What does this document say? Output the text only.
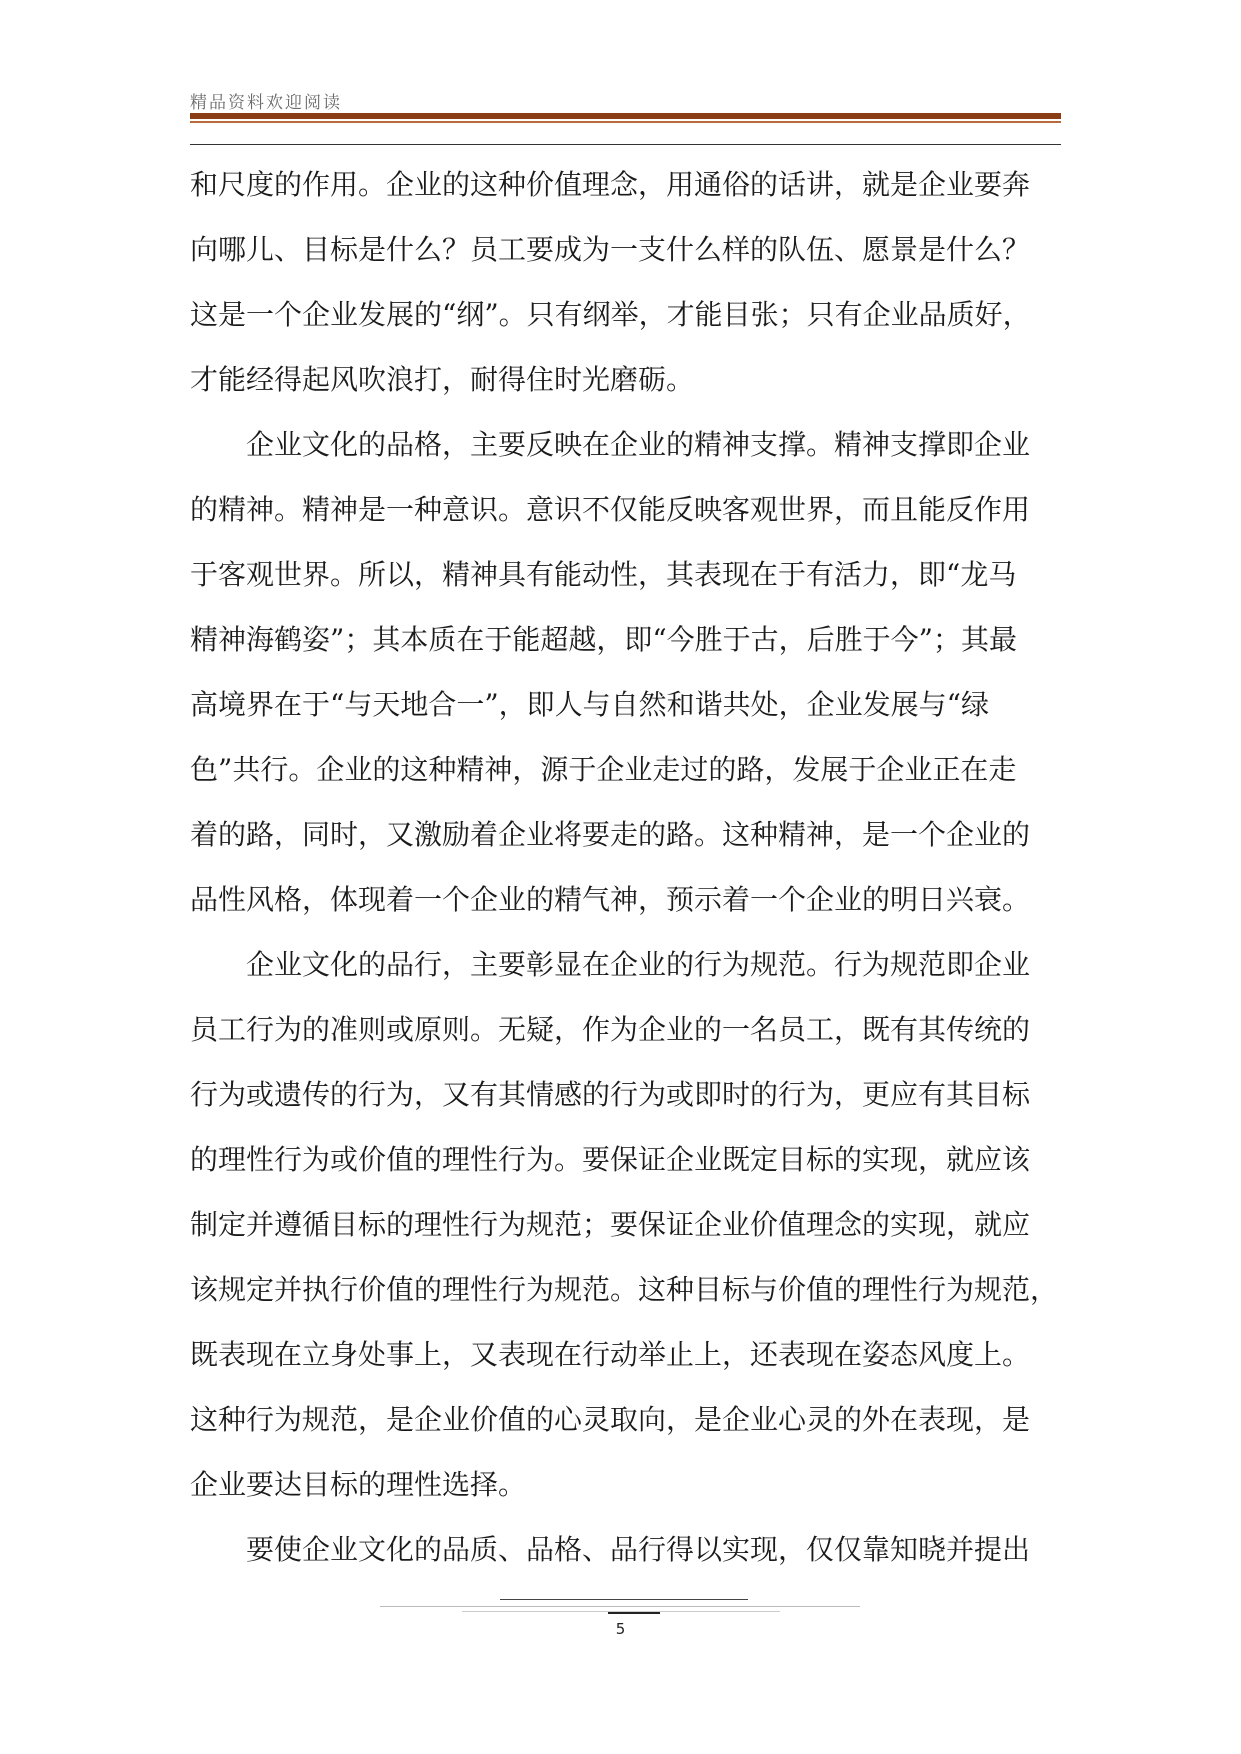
精品资料欢迎阅读
和尺度的作用。企业的这种价值理念，用通俗的话讲，就是企业要奔
向哪儿、目标是什么？员工要成为一支什么样的队伍、愿景是什么？
这是一个企业发展的“纲”。只有纲举，才能目张；只有企业品质好，
才能经得起风吹浪打，耐得住时光磨砺。
企业文化的品格，主要反映在企业的精神支撑。精神支撑即企业
的精神。精神是一种意识。意识不仅能反映客观世界，而且能反作用
于客观世界。所以，精神具有能动性，其表现在于有活力，即“龙马
精神海鹤姿”；其本质在于能超越，即“今胜于古，后胜于今”；其最
高境界在于“与天地合一”，即人与自然和谐共处，企业发展与“绿
色”共行。企业的这种精神，源于企业走过的路，发展于企业正在走
着的路，同时，又激励着企业将要走的路。这种精神，是一个企业的
品性风格，体现着一个企业的精气神，预示着一个企业的明日兴衰。
企业文化的品行，主要彰显在企业的行为规范。行为规范即企业
员工行为的准则或原则。无疑，作为企业的一名员工，既有其传统的
行为或遗传的行为，又有其情感的行为或即时的行为，更应有其目标
的理性行为或价值的理性行为。要保证企业既定目标的实现，就应该
制定并遵循目标的理性行为规范；要保证企业价值理念的实现，就应
该规定并执行价值的理性行为规范。这种目标与价值的理性行为规范，
既表现在立身处事上，又表现在行动举止上，还表现在姿态风度上。
这种行为规范，是企业价值的心灵取向，是企业心灵的外在表现，是
企业要达目标的理性选择。
要使企业文化的品质、品格、品行得以实现，仅仅靠知晓并提出
5
